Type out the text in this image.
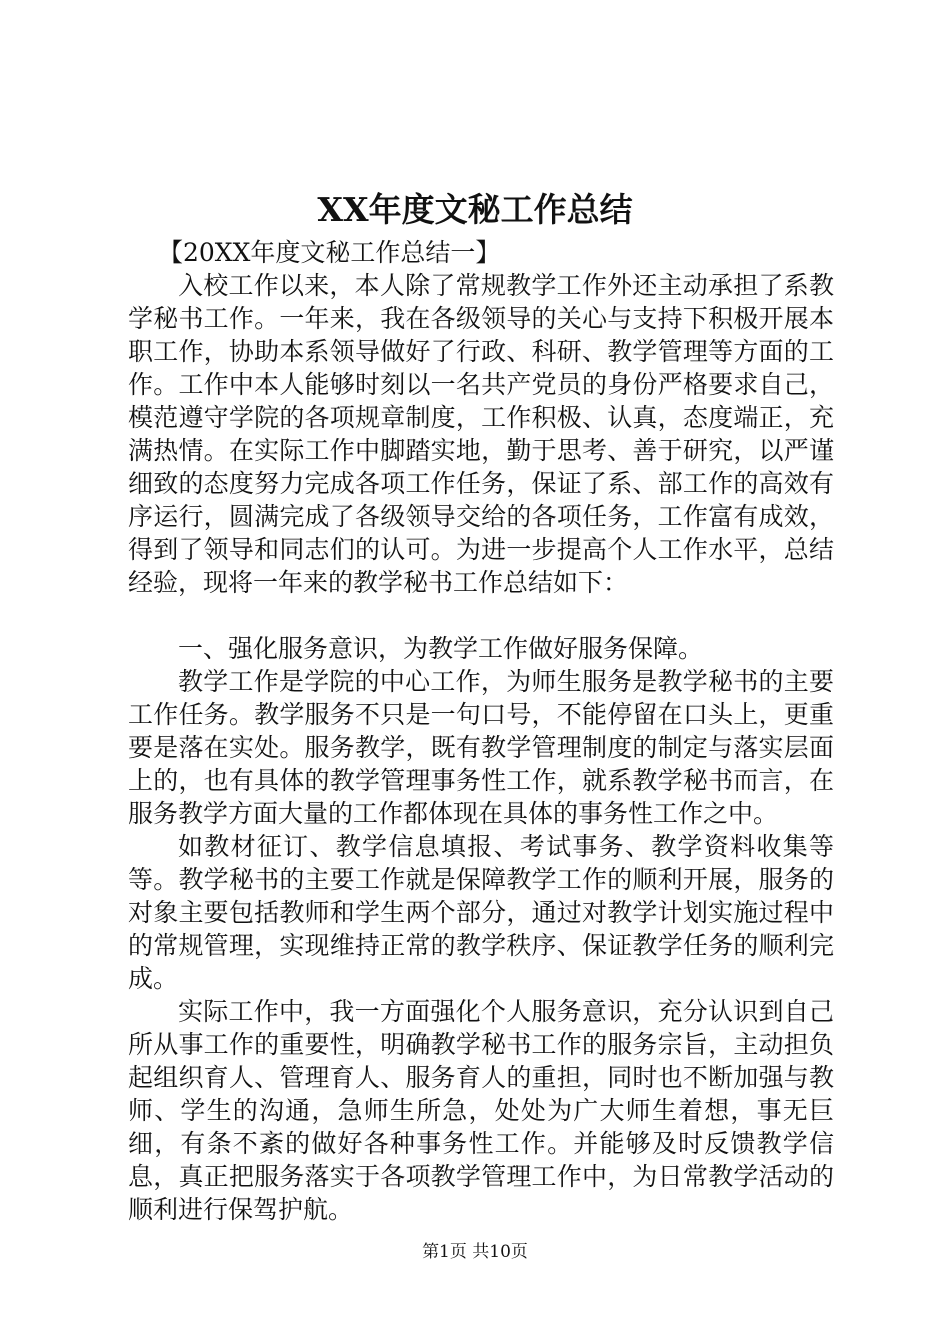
XX年度文秘工作总结

【20XX年度文秘工作总结一】

入校工作以来，本人除了常规教学工作外还主动承担了系教学秘书工作。一年来，我在各级领导的关心与支持下积极开展本职工作，协助本系领导做好了行政、科研、教学管理等方面的工作。工作中本人能够时刻以一名共产党员的身份严格要求自己，模范遵守学院的各项规章制度，工作积极、认真，态度端正，充满热情。在实际工作中脚踏实地，勤于思考、善于研究，以严谨细致的态度努力完成各项工作任务，保证了系、部工作的高效有序运行，圆满完成了各级领导交给的各项任务，工作富有成效，得到了领导和同志们的认可。为进一步提高个人工作水平，总结经验，现将一年来的教学秘书工作总结如下：

一、强化服务意识，为教学工作做好服务保障。

教学工作是学院的中心工作，为师生服务是教学秘书的主要工作任务。教学服务不只是一句口号，不能停留在口头上，更重要是落在实处。服务教学，既有教学管理制度的制定与落实层面上的，也有具体的教学管理事务性工作，就系教学秘书而言，在服务教学方面大量的工作都体现在具体的事务性工作之中。

如教材征订、教学信息填报、考试事务、教学资料收集等等。教学秘书的主要工作就是保障教学工作的顺利开展，服务的对象主要包括教师和学生两个部分，通过对教学计划实施过程中的常规管理，实现维持正常的教学秩序、保证教学任务的顺利完成。

实际工作中，我一方面强化个人服务意识，充分认识到自己所从事工作的重要性，明确教学秘书工作的服务宗旨，主动担负起组织育人、管理育人、服务育人的重担，同时也不断加强与教师、学生的沟通，急师生所急，处处为广大师生着想，事无巨细，有条不紊的做好各种事务性工作。并能够及时反馈教学信息，真正把服务落实于各项教学管理工作中，为日常教学活动的顺利进行保驾护航。

第1页 共10页
